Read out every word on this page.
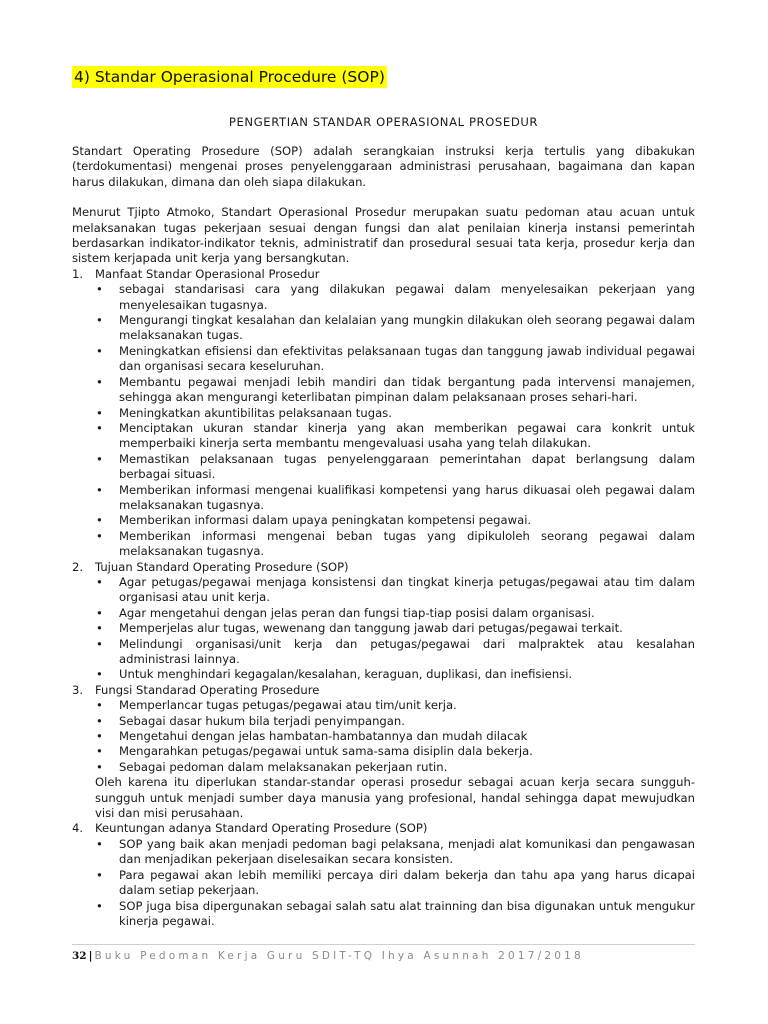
4) Standar Operasional Procedure (SOP)
PENGERTIAN STANDAR OPERASIONAL PROSEDUR

Standart Operating Prosedure (SOP) adalah serangkaian instruksi kerja tertulis yang dibakukan (terdokumentasi) mengenai proses penyelenggaraan administrasi perusahaan, bagaimana dan kapan harus dilakukan, dimana dan oleh siapa dilakukan.

Menurut Tjipto Atmoko, Standart Operasional Prosedur merupakan suatu pedoman atau acuan untuk melaksanakan tugas pekerjaan sesuai dengan fungsi dan alat penilaian kinerja instansi pemerintah berdasarkan indikator-indikator teknis, administratif dan prosedural sesuai tata kerja, prosedur kerja dan sistem kerjapada unit kerja yang bersangkutan.

1.	Manfaat Standar Operasional Prosedur
•	sebagai standarisasi cara yang dilakukan pegawai dalam menyelesaikan pekerjaan yang menyelesaikan tugasnya.
•	Mengurangi tingkat kesalahan dan kelalaian yang mungkin dilakukan oleh seorang pegawai dalam melaksanakan tugas.
•	Meningkatkan efisiensi dan efektivitas pelaksanaan tugas dan tanggung jawab individual pegawai dan organisasi secara keseluruhan.
•	Membantu pegawai menjadi lebih mandiri dan tidak bergantung pada intervensi manajemen, sehingga akan mengurangi keterlibatan pimpinan dalam pelaksanaan proses sehari-hari.
•	Meningkatkan akuntibilitas pelaksanaan tugas.
•	Menciptakan ukuran standar kinerja yang akan memberikan pegawai cara konkrit untuk memperbaiki kinerja serta membantu mengevaluasi usaha yang telah dilakukan.
•	Memastikan pelaksanaan tugas penyelenggaraan pemerintahan dapat berlangsung dalam berbagai situasi.
•	Memberikan informasi mengenai kualifikasi kompetensi yang harus dikuasai oleh pegawai dalam melaksanakan tugasnya.
•	Memberikan informasi dalam upaya peningkatan kompetensi pegawai.
•	Memberikan informasi mengenai beban tugas yang dipikuloleh seorang pegawai dalam melaksanakan tugasnya.
2.	Tujuan Standard Operating Prosedure (SOP)
•	Agar petugas/pegawai menjaga konsistensi dan tingkat kinerja petugas/pegawai atau tim dalam organisasi atau unit kerja.
•	Agar mengetahui dengan jelas peran dan fungsi tiap-tiap posisi dalam organisasi.
•	Memperjelas alur tugas, wewenang dan tanggung jawab dari petugas/pegawai terkait.
•	Melindungi organisasi/unit kerja dan petugas/pegawai dari malpraktek atau kesalahan administrasi lainnya.
•	Untuk menghindari kegagalan/kesalahan, keraguan, duplikasi, dan inefisiensi.
3.	Fungsi Standarad Operating Prosedure
•	Memperlancar tugas petugas/pegawai atau tim/unit kerja.
•	Sebagai dasar hukum bila terjadi penyimpangan.
•	Mengetahui dengan jelas hambatan-hambatannya dan mudah dilacak
•	Mengarahkan petugas/pegawai untuk sama-sama disiplin dala bekerja.
•	Sebagai pedoman dalam melaksanakan pekerjaan rutin.
Oleh karena itu diperlukan standar-standar operasi prosedur sebagai acuan kerja secara sungguh-sungguh untuk menjadi sumber daya manusia yang profesional, handal sehingga dapat mewujudkan visi dan misi perusahaan.
4.	Keuntungan adanya Standard Operating Prosedure (SOP)
•	SOP yang baik akan menjadi pedoman bagi pelaksana, menjadi alat komunikasi dan pengawasan dan menjadikan pekerjaan diselesaikan secara konsisten.
•	Para pegawai akan lebih memiliki percaya diri dalam bekerja dan tahu apa yang harus dicapai dalam setiap pekerjaan.
•	SOP juga bisa dipergunakan sebagai salah satu alat trainning dan bisa digunakan untuk mengukur kinerja pegawai.
32 | Buku Pedoman Kerja Guru SDIT-TQ Ihya Asunnah 2017/2018
